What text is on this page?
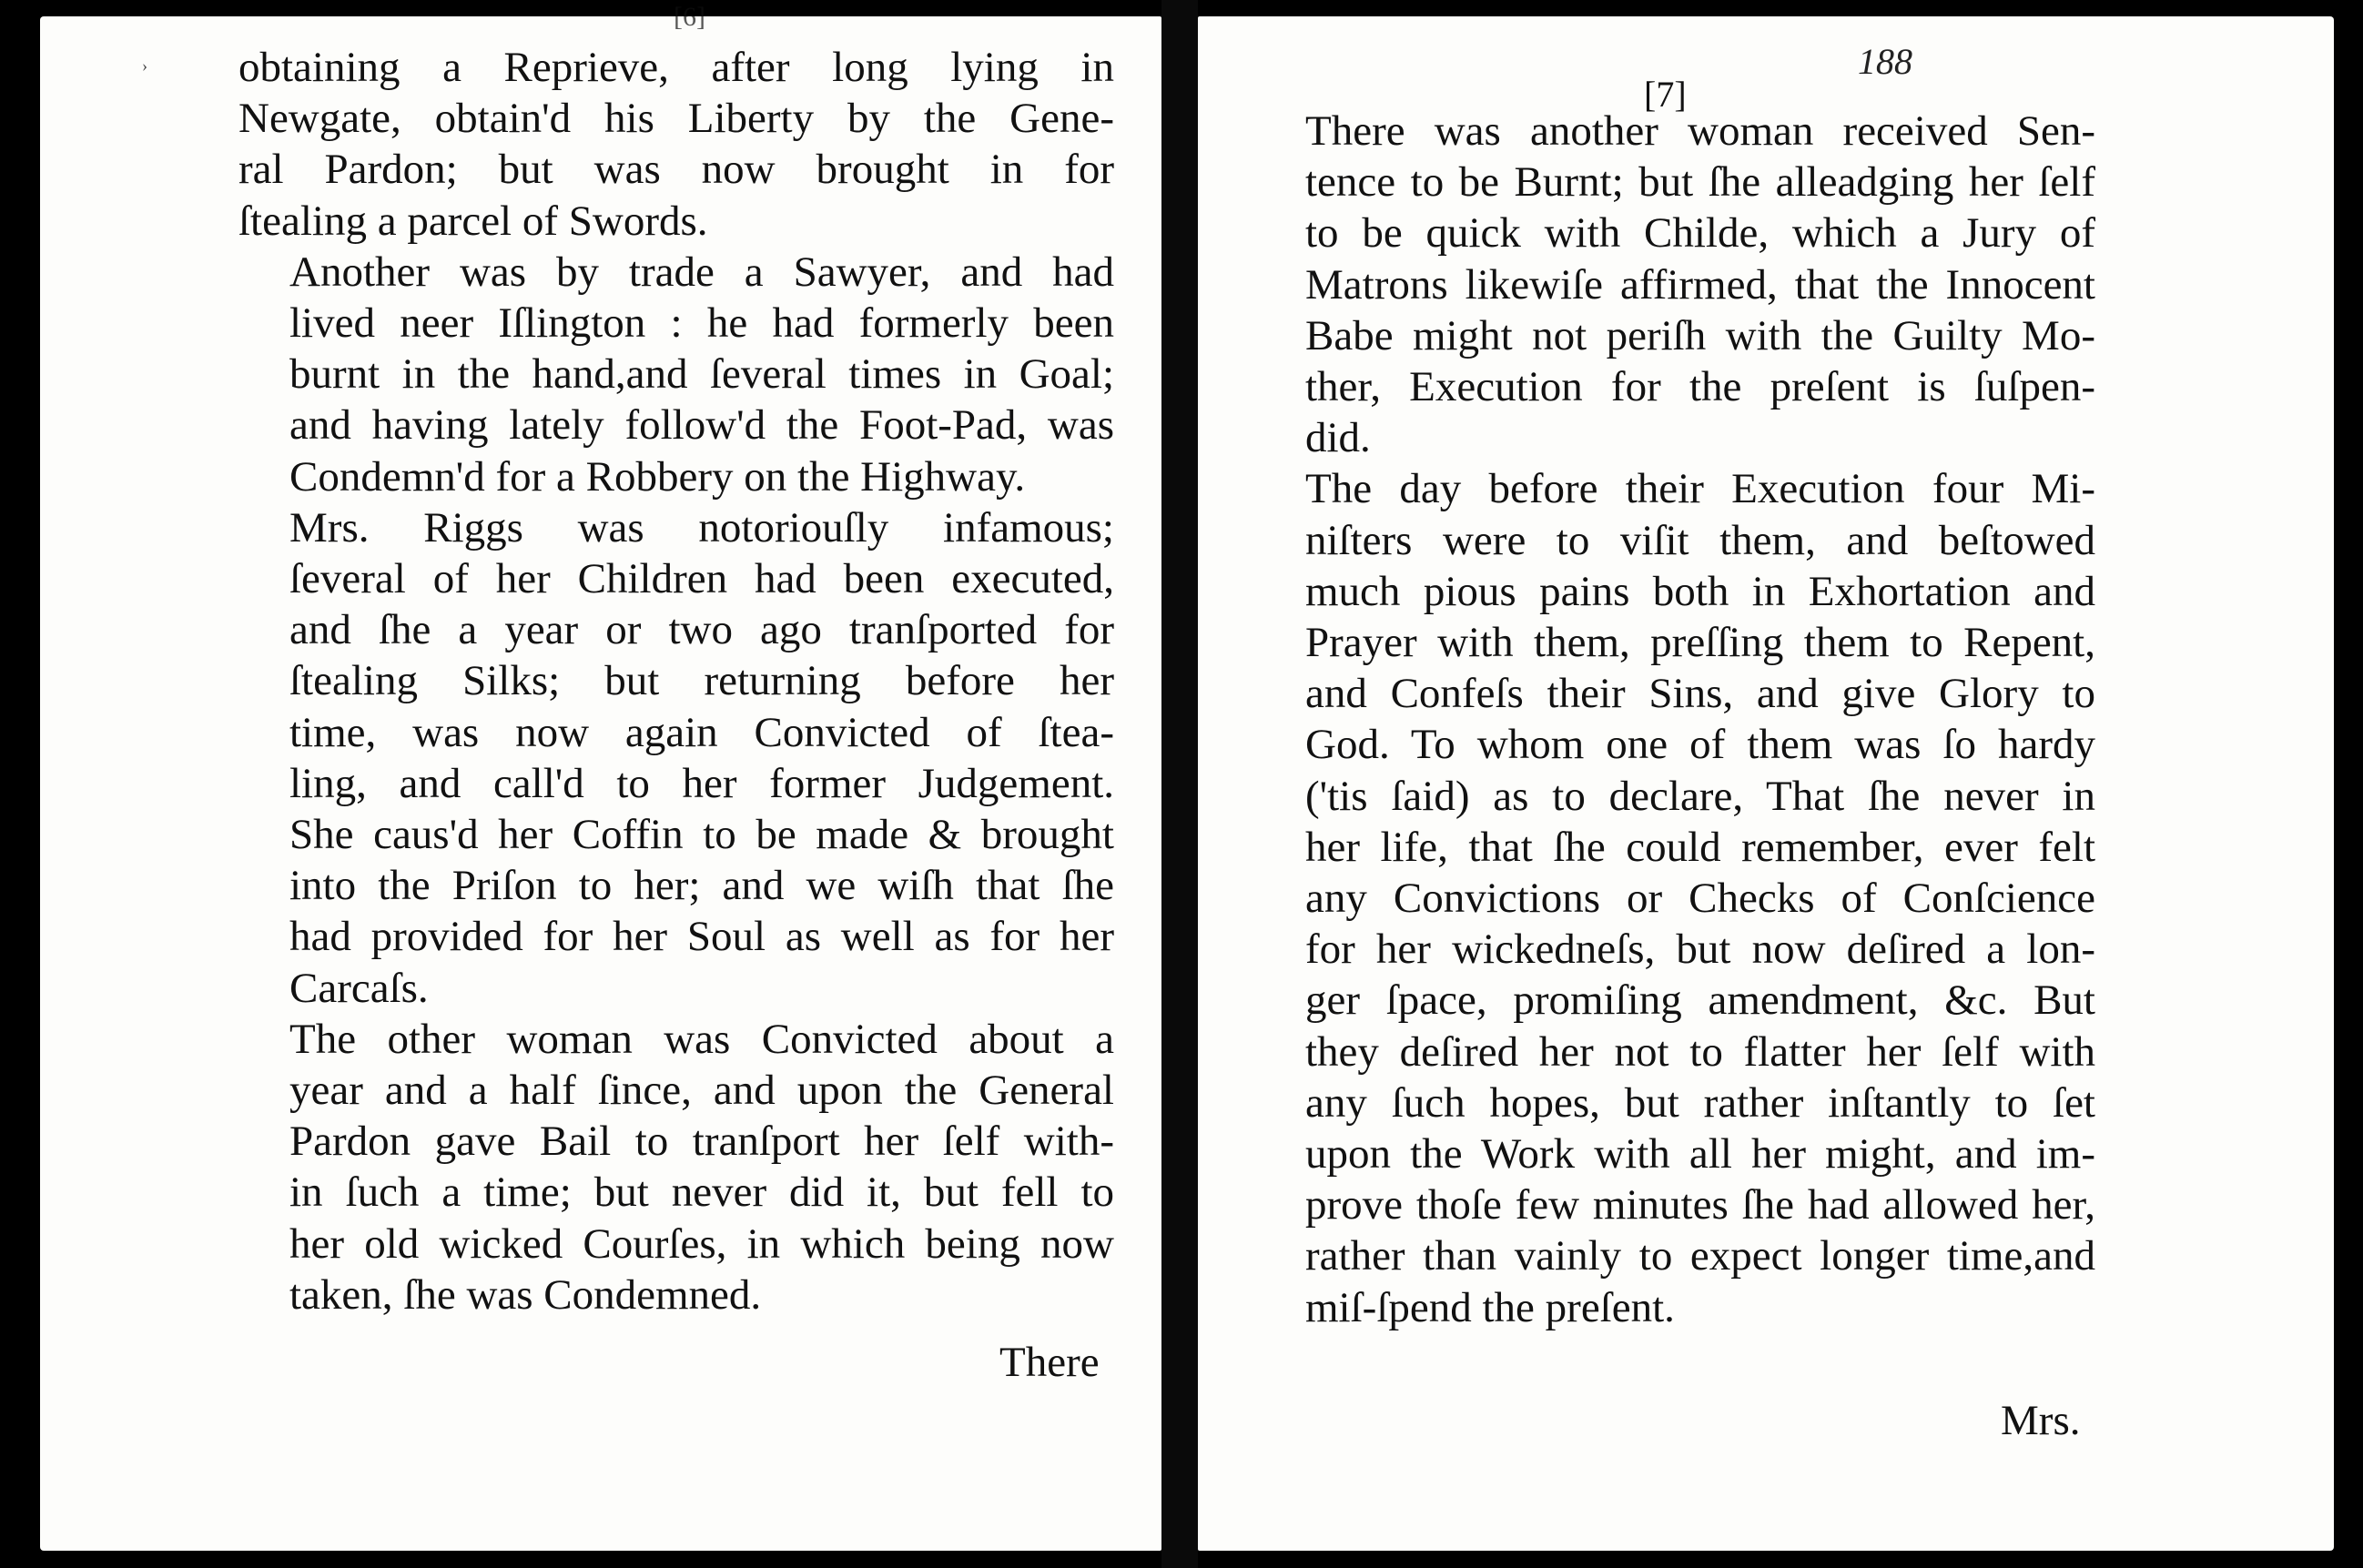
[6]
[7]
›	188

obtaining a Reprieve, after long lying in
Newgate, obtain'd his Liberty by the Gene-
ral Pardon; but was now brought in for
ſtealing a parcel of Swords.

Another was by trade a Sawyer, and had
lived neer Iſlington : he had formerly been
burnt in the hand,and ſeveral times in Goal;
and having lately follow'd the Foot-Pad, was
Condemn'd for a Robbery on the Highway.

Mrs. Riggs was notoriouſly infamous;
ſeveral of her Children had been executed,
and ſhe a year or two ago tranſported for
ſtealing Silks; but returning before her
time, was now again Convicted of ſtea-
ling, and call'd to her former Judgement.
She caus'd her Coffin to be made & brought
into the Priſon to her; and we wiſh that ſhe
had provided for her Soul as well as for her
Carcaſs.

The other woman was Convicted about a
year and a half ſince, and upon the General
Pardon gave Bail to tranſport her ſelf with-
in ſuch a time; but never did it, but fell to
her old wicked Courſes, in which being now
taken, ſhe was Condemned.

There

There was another woman received Sen-
tence to be Burnt; but ſhe alleadging her ſelf
to be quick with Childe, which a Jury of
Matrons likewiſe affirmed, that the Innocent
Babe might not periſh with the Guilty Mo-
ther, Execution for the preſent is ſuſpen-
did.

The day before their Execution four Mi-
niſters were to viſit them, and beſtowed
much pious pains both in Exhortation and
Prayer with them, preſſing them to Repent,
and Confeſs their Sins, and give Glory to
God. To whom one of them was ſo hardy
('tis ſaid) as to declare, That ſhe never in
her life, that ſhe could remember, ever felt
any Convictions or Checks of Conſcience
for her wickedneſs, but now deſired a lon-
ger ſpace, promiſing amendment, &c. But
they deſired her not to flatter her ſelf with
any ſuch hopes, but rather inſtantly to ſet
upon the Work with all her might, and im-
prove thoſe few minutes ſhe had allowed her,
rather than vainly to expect longer time,and
miſ-ſpend the preſent.

Mrs.
